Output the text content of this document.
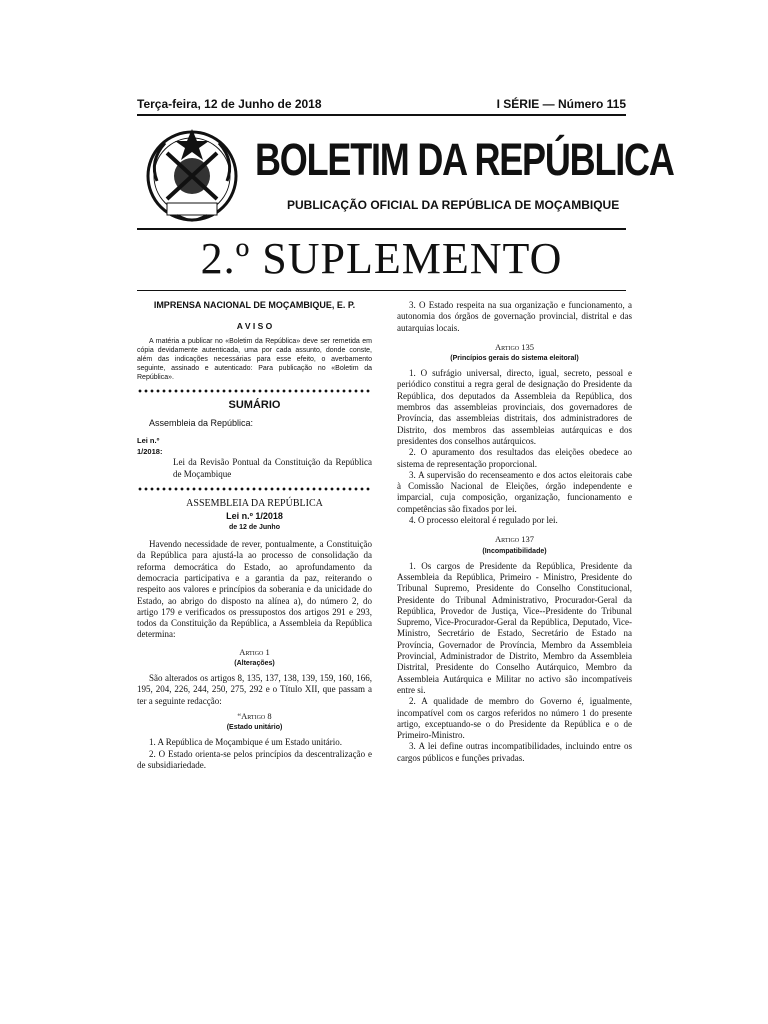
Terça-feira, 12 de Junho de 2018	I SÉRIE — Número 115
BOLETIM DA REPÚBLICA
PUBLICAÇÃO OFICIAL DA REPÚBLICA DE MOÇAMBIQUE
2.º SUPLEMENTO
IMPRENSA NACIONAL DE MOÇAMBIQUE, E. P.
A V I S O

A matéria a publicar no «Boletim da República» deve ser remetida em cópia devidamente autenticada, uma por cada assunto, donde conste, além das indicações necessárias para esse efeito, o averbamento seguinte, assinado e autenticado: Para publicação no «Boletim da República».

SUMÁRIO
Assembleia da República:
Lei n.º 1/2018:
Lei da Revisão Pontual da Constituição da República de Moçambique
ASSEMBLEIA DA REPÚBLICA
Lei n.º 1/2018
de 12 de Junho

Havendo necessidade de rever, pontualmente, a Constituição da República para ajustá-la ao processo de consolidação da reforma democrática do Estado, ao aprofundamento da democracia participativa e a garantia da paz, reiterando o respeito aos valores e princípios da soberania e da unicidade do Estado, ao abrigo do disposto na alínea a), do número 2, do artigo 179 e verificados os pressupostos dos artigos 291 e 293, todos da Constituição da República, a Assembleia da República determina:

Artigo 1
(Alterações)

São alterados os artigos 8, 135, 137, 138, 139, 159, 160, 166, 195, 204, 226, 244, 250, 275, 292 e o Título XII, que passam a ter a seguinte redacção:

“Artigo 8
(Estado unitário)

1. A República de Moçambique é um Estado unitário.

2. O Estado orienta-se pelos princípios da descentralização e de subsidiariedade.

3. O Estado respeita na sua organização e funcionamento, a autonomia dos órgãos de governação provincial, distrital e das autarquias locais.

Artigo 135
(Princípios gerais do sistema eleitoral)

1. O sufrágio universal, directo, igual, secreto, pessoal e periódico constitui a regra geral de designação do Presidente da República, dos deputados da Assembleia da República, dos membros das assembleias provinciais, dos governadores de Província, das assembleias distritais, dos administradores de Distrito, dos membros das assembleias autárquicas e dos presidentes dos conselhos autárquicos.

2. O apuramento dos resultados das eleições obedece ao sistema de representação proporcional.

3. A supervisão do recenseamento e dos actos eleitorais cabe à Comissão Nacional de Eleições, órgão independente e imparcial, cuja composição, organização, funcionamento e competências são fixados por lei.

4. O processo eleitoral é regulado por lei.

Artigo 137
(Incompatibilidade)

1. Os cargos de Presidente da República, Presidente da Assembleia da República, Primeiro - Ministro, Presidente do Tribunal Supremo, Presidente do Conselho Constitucional, Presidente do Tribunal Administrativo, Procurador-Geral da República, Provedor de Justiça, Vice--Presidente do Tribunal Supremo, Vice-Procurador-Geral da República, Deputado, Vice-Ministro, Secretário de Estado, Secretário de Estado na Província, Governador de Província, Membro da Assembleia Provincial, Administrador de Distrito, Membro da Assembleia Distrital, Presidente do Conselho Autárquico, Membro da Assembleia Autárquica e Militar no activo são incompatíveis entre si.

2. A qualidade de membro do Governo é, igualmente, incompatível com os cargos referidos no número 1 do presente artigo, exceptuando-se o do Presidente da República e o de Primeiro-Ministro.

3. A lei define outras incompatibilidades, incluindo entre os cargos públicos e funções privadas.
